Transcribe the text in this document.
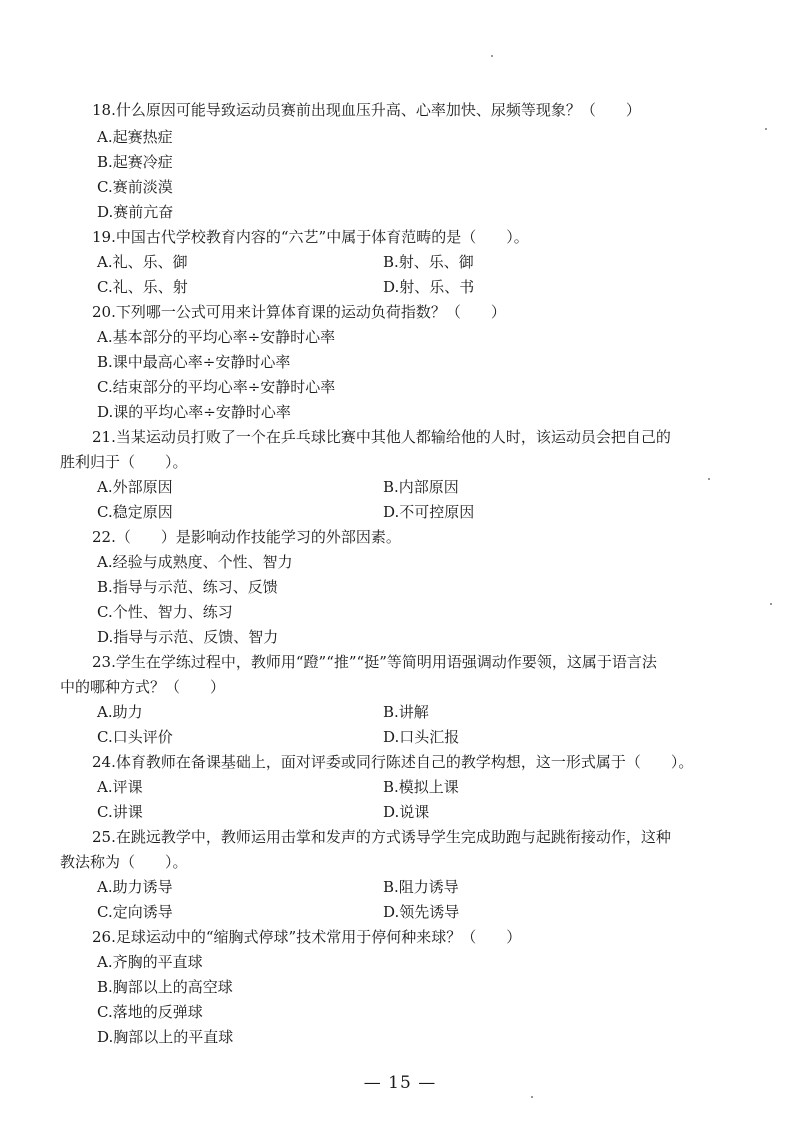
18.什么原因可能导致运动员赛前出现血压升高、心率加快、尿频等现象？（　　）
A.起赛热症
B.起赛冷症
C.赛前淡漠
D.赛前亢奋
19.中国古代学校教育内容的“六艺”中属于体育范畴的是（　　）。
A.礼、乐、御	B.射、乐、御
C.礼、乐、射	D.射、乐、书
20.下列哪一公式可用来计算体育课的运动负荷指数？（　　）
A.基本部分的平均心率÷安静时心率
B.课中最高心率÷安静时心率
C.结束部分的平均心率÷安静时心率
D.课的平均心率÷安静时心率
21.当某运动员打败了一个在乒乓球比赛中其他人都输给他的人时，该运动员会把自己的
胜利归于（　　）。
A.外部原因	B.内部原因
C.稳定原因	D.不可控原因
22.（　　）是影响动作技能学习的外部因素。
A.经验与成熟度、个性、智力
B.指导与示范、练习、反馈
C.个性、智力、练习
D.指导与示范、反馈、智力
23.学生在学练过程中，教师用“蹬”“推”“挺”等简明用语强调动作要领，这属于语言法
中的哪种方式？（　　）
A.助力	B.讲解
C.口头评价	D.口头汇报
24.体育教师在备课基础上，面对评委或同行陈述自己的教学构想，这一形式属于（　　）。
A.评课	B.模拟上课
C.讲课	D.说课
25.在跳远教学中，教师运用击掌和发声的方式诱导学生完成助跑与起跳衔接动作，这种
教法称为（　　）。
A.助力诱导	B.阻力诱导
C.定向诱导	D.领先诱导
26.足球运动中的“缩胸式停球”技术常用于停何种来球？（　　）
A.齐胸的平直球
B.胸部以上的高空球
C.落地的反弹球
D.胸部以上的平直球
— 15 —
